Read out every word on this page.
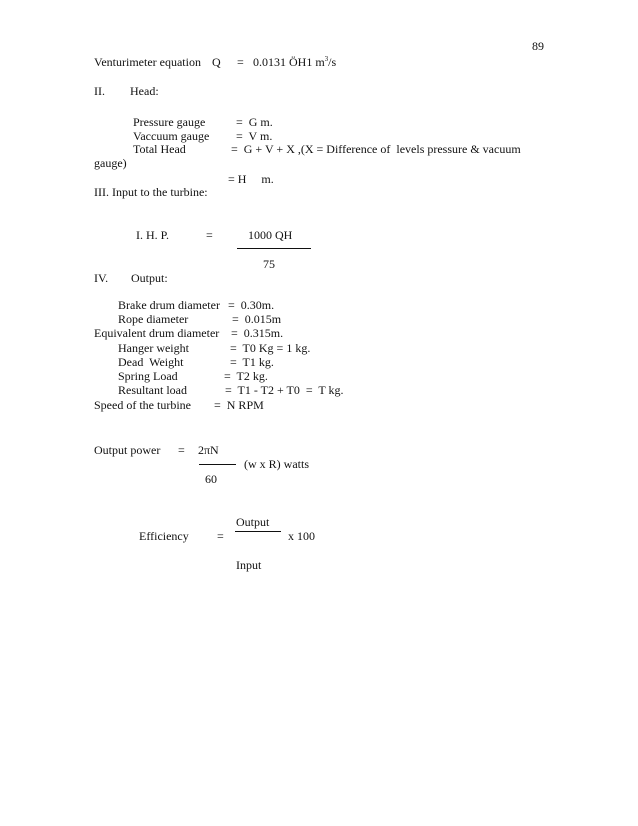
89
Venturimeter equation Q = 0.0131 ÖH1 $m^3/s$
II. Head:
Pressure gauge	=  G m.
Vaccuum gauge =  V m.
Total Head	=  G + V + X ,(X = Difference of  levels pressure & vacuum
gauge)
= H     m.
III. Input to the turbine:
I. H. P.	=	1000 QH
75
IV. Output:
Brake drum diameter =  0.30m.
Rope diameter	=  0.015m
Equivalent drum diameter =  0.315m.
Hanger weight	=  T0 Kg = 1 kg.
Dead  Weight	=  T1 kg.
Spring Load	=  T2 kg.
Resultant load	=  T1 - T2 + T0  =  T kg.
Speed of the turbine =  N RPM
Output power = 2πN
(w x R) watts
60
Output
Efficiency =	x 100
Input
